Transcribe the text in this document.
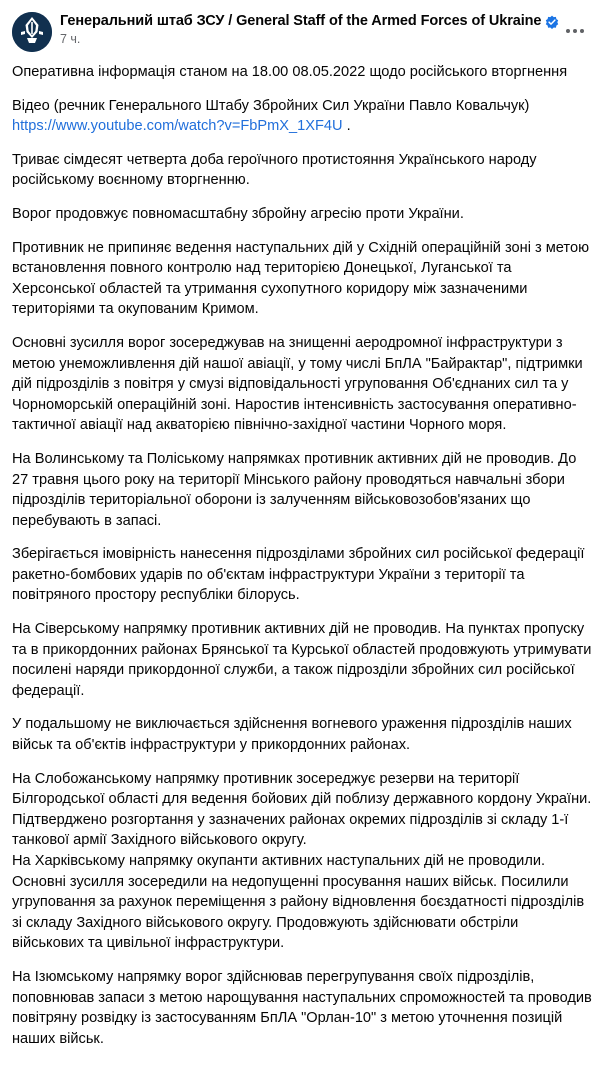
Генеральний штаб ЗСУ / General Staff of the Armed Forces of Ukraine
7 ч.

Оперативна інформація станом на 18.00 08.05.2022 щодо російського вторгнення

Відео (речник Генерального Штабу Збройних Сил України Павло Ковальчук)
https://www.youtube.com/watch?v=FbPmX_1XF4U .

Триває сімдесят четверта доба героїчного протистояння Українського народу російському воєнному вторгненню.

Ворог продовжує повномасштабну збройну агресію проти України.

Противник не припиняє ведення наступальних дій у Східній операційній зоні з метою встановлення повного контролю над територією Донецької, Луганської та Херсонської областей та утримання сухопутного коридору між зазначеними територіями та окупованим Кримом.

Основні зусилля ворог зосереджував на знищенні аеродромної інфраструктури з метою унеможливлення дій нашої авіації, у тому числі БпЛА "Байрактар", підтримки дій підрозділів з повітря у смузі відповідальності угруповання Об'єднаних сил та у Чорноморській операційній зоні. Наростив інтенсивність застосування оперативно-тактичної авіації над акваторією північно-західної частини Чорного моря.

На Волинському та Поліському напрямках противник активних дій не проводив. До 27 травня цього року на території Мінського району проводяться навчальні збори підрозділів територіальної оборони із залученням військовозобов'язаних що перебувають в запасі.

Зберігається імовірність нанесення підрозділами збройних сил російської федерації ракетно-бомбових ударів по об'єктам інфраструктури України з території та повітряного простору республіки білорусь.

На Сіверському напрямку противник активних дій не проводив. На пунктах пропуску та в прикордонних районах Брянської та Курської областей продовжують утримувати посилені наряди прикордонної служби, а також підрозділи збройних сил російської федерації.

У подальшому не виключається здійснення вогневого ураження підрозділів наших військ та об'єктів інфраструктури у прикордонних районах.

На Слобожанському напрямку противник зосереджує резерви на території Білгородської області для ведення бойових дій поблизу державного кордону України. Підтверджено розгортання у зазначених районах окремих підрозділів зі складу 1-ї танкової армії Західного військового округу.

На Харківському напрямку окупанти активних наступальних дій не проводили. Основні зусилля зосередили на недопущенні просування наших військ. Посилили угруповання за рахунок переміщення з району відновлення боєздатності підрозділів зі складу Західного військового округу. Продовжують здійснювати обстріли військових та цивільної інфраструктури.

На Ізюмському напрямку ворог здійснював перегрупування своїх підрозділів, поповнював запаси з метою нарощування наступальних спроможностей та проводив повітряну розвідку із застосуванням БпЛА "Орлан-10" з метою уточнення позицій наших військ.
